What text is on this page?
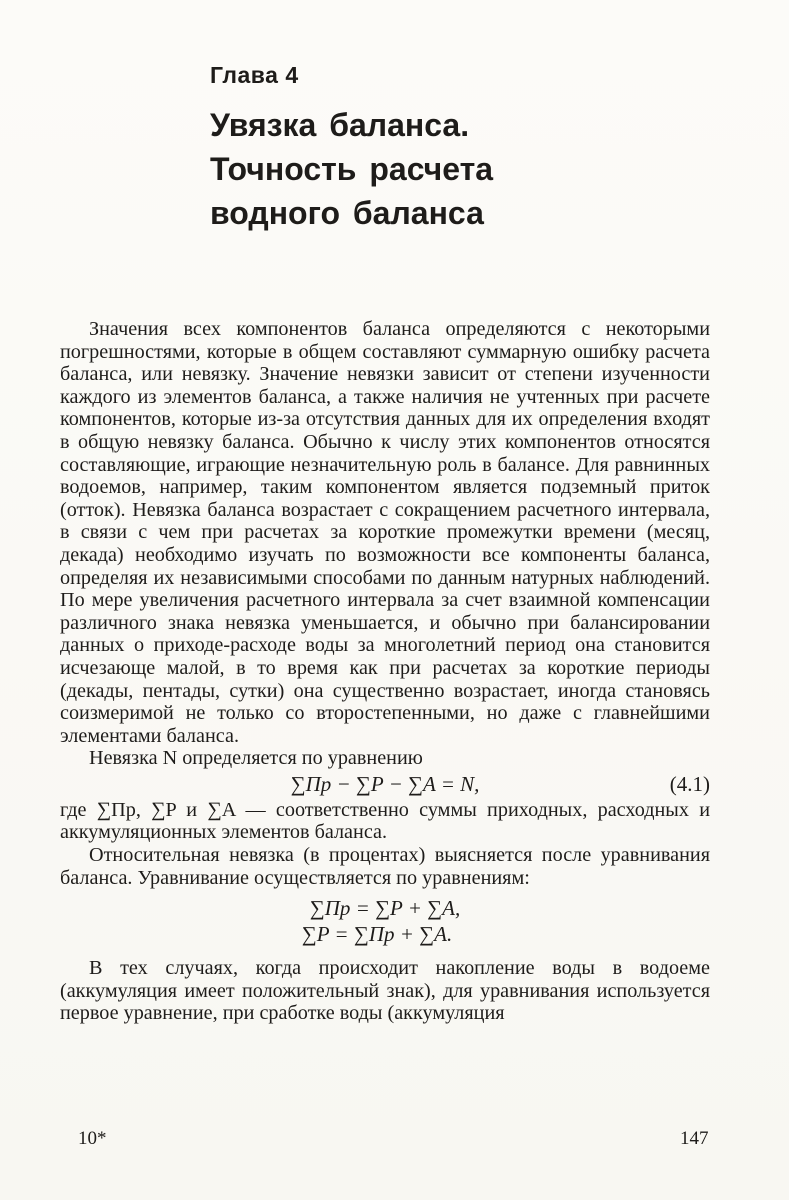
Глава 4

Увязка баланса.
Точность расчета
водного баланса

Значения всех компонентов баланса определяются с некоторыми погрешностями, которые в общем составляют суммарную ошибку расчета баланса, или невязку. Значение невязки зависит от степени изученности каждого из элементов баланса, а также наличия не учтенных при расчете компонентов, которые из-за отсутствия данных для их определения входят в общую невязку баланса. Обычно к числу этих компонентов относятся составляющие, играющие незначительную роль в балансе. Для равнинных водоемов, например, таким компонентом является подземный приток (отток). Невязка баланса возрастает с сокращением расчетного интервала, в связи с чем при расчетах за короткие промежутки времени (месяц, декада) необходимо изучать по возможности все компоненты баланса, определяя их независимыми способами по данным натурных наблюдений. По мере увеличения расчетного интервала за счет взаимной компенсации различного знака невязка уменьшается, и обычно при балансировании данных о приходе-расходе воды за многолетний период она становится исчезающе малой, в то время как при расчетах за короткие периоды (декады, пентады, сутки) она существенно возрастает, иногда становясь соизмеримой не только со второстепенными, но даже с главнейшими элементами баланса.

Невязка N определяется по уравнению

∑Пр − ∑P − ∑A = N,	(4.1)

где ∑Пр, ∑P и ∑A — соответственно суммы приходных, расходных и аккумуляционных элементов баланса.

Относительная невязка (в процентах) выясняется после уравнивания баланса. Уравнивание осуществляется по уравнениям:

∑Пр = ∑P + ∑A,
∑P = ∑Пр + ∑A.

В тех случаях, когда происходит накопление воды в водоеме (аккумуляция имеет положительный знак), для уравнивания используется первое уравнение, при сработке воды (аккумуляция

10*	147
